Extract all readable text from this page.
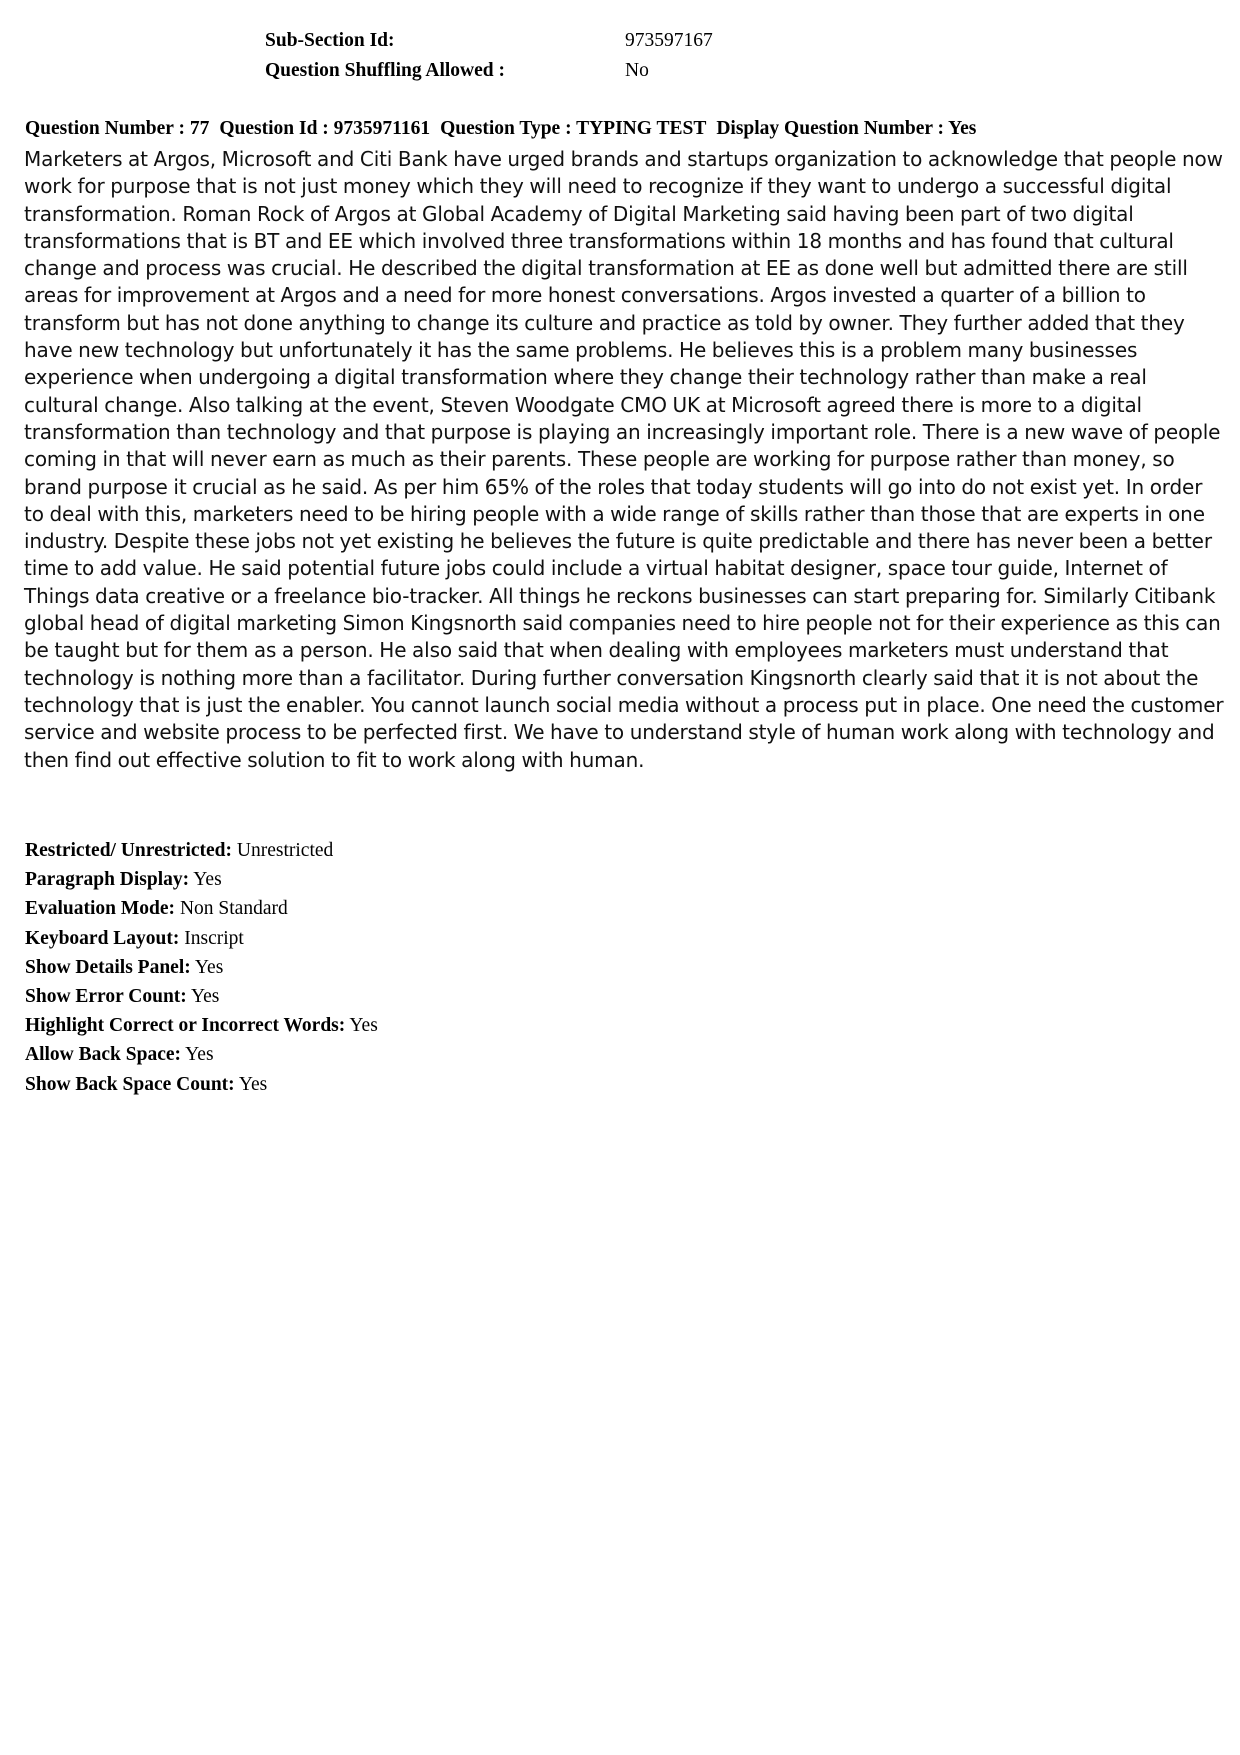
Sub-Section Id:	973597167
Question Shuffling Allowed :	No
Question Number : 77 Question Id : 9735971161 Question Type : TYPING TEST Display Question Number : Yes
Marketers at Argos, Microsoft and Citi Bank have urged brands and startups organization to acknowledge that people now work for purpose that is not just money which they will need to recognize if they want to undergo a successful digital transformation. Roman Rock of Argos at Global Academy of Digital Marketing said having been part of two digital transformations that is BT and EE which involved three transformations within 18 months and has found that cultural change and process was crucial. He described the digital transformation at EE as done well but admitted there are still areas for improvement at Argos and a need for more honest conversations. Argos invested a quarter of a billion to transform but has not done anything to change its culture and practice as told by owner. They further added that they have new technology but unfortunately it has the same problems. He believes this is a problem many businesses experience when undergoing a digital transformation where they change their technology rather than make a real cultural change. Also talking at the event, Steven Woodgate CMO UK at Microsoft agreed there is more to a digital transformation than technology and that purpose is playing an increasingly important role. There is a new wave of people coming in that will never earn as much as their parents. These people are working for purpose rather than money, so brand purpose it crucial as he said. As per him 65% of the roles that today students will go into do not exist yet. In order to deal with this, marketers need to be hiring people with a wide range of skills rather than those that are experts in one industry. Despite these jobs not yet existing he believes the future is quite predictable and there has never been a better time to add value. He said potential future jobs could include a virtual habitat designer, space tour guide, Internet of Things data creative or a freelance bio-tracker. All things he reckons businesses can start preparing for. Similarly Citibank global head of digital marketing Simon Kingsnorth said companies need to hire people not for their experience as this can be taught but for them as a person. He also said that when dealing with employees marketers must understand that technology is nothing more than a facilitator. During further conversation Kingsnorth clearly said that it is not about the technology that is just the enabler. You cannot launch social media without a process put in place. One need the customer service and website process to be perfected first. We have to understand style of human work along with technology and then find out effective solution to fit to work along with human.
Restricted/ Unrestricted: Unrestricted
Paragraph Display: Yes
Evaluation Mode: Non Standard
Keyboard Layout: Inscript
Show Details Panel: Yes
Show Error Count: Yes
Highlight Correct or Incorrect Words: Yes
Allow Back Space: Yes
Show Back Space Count: Yes
